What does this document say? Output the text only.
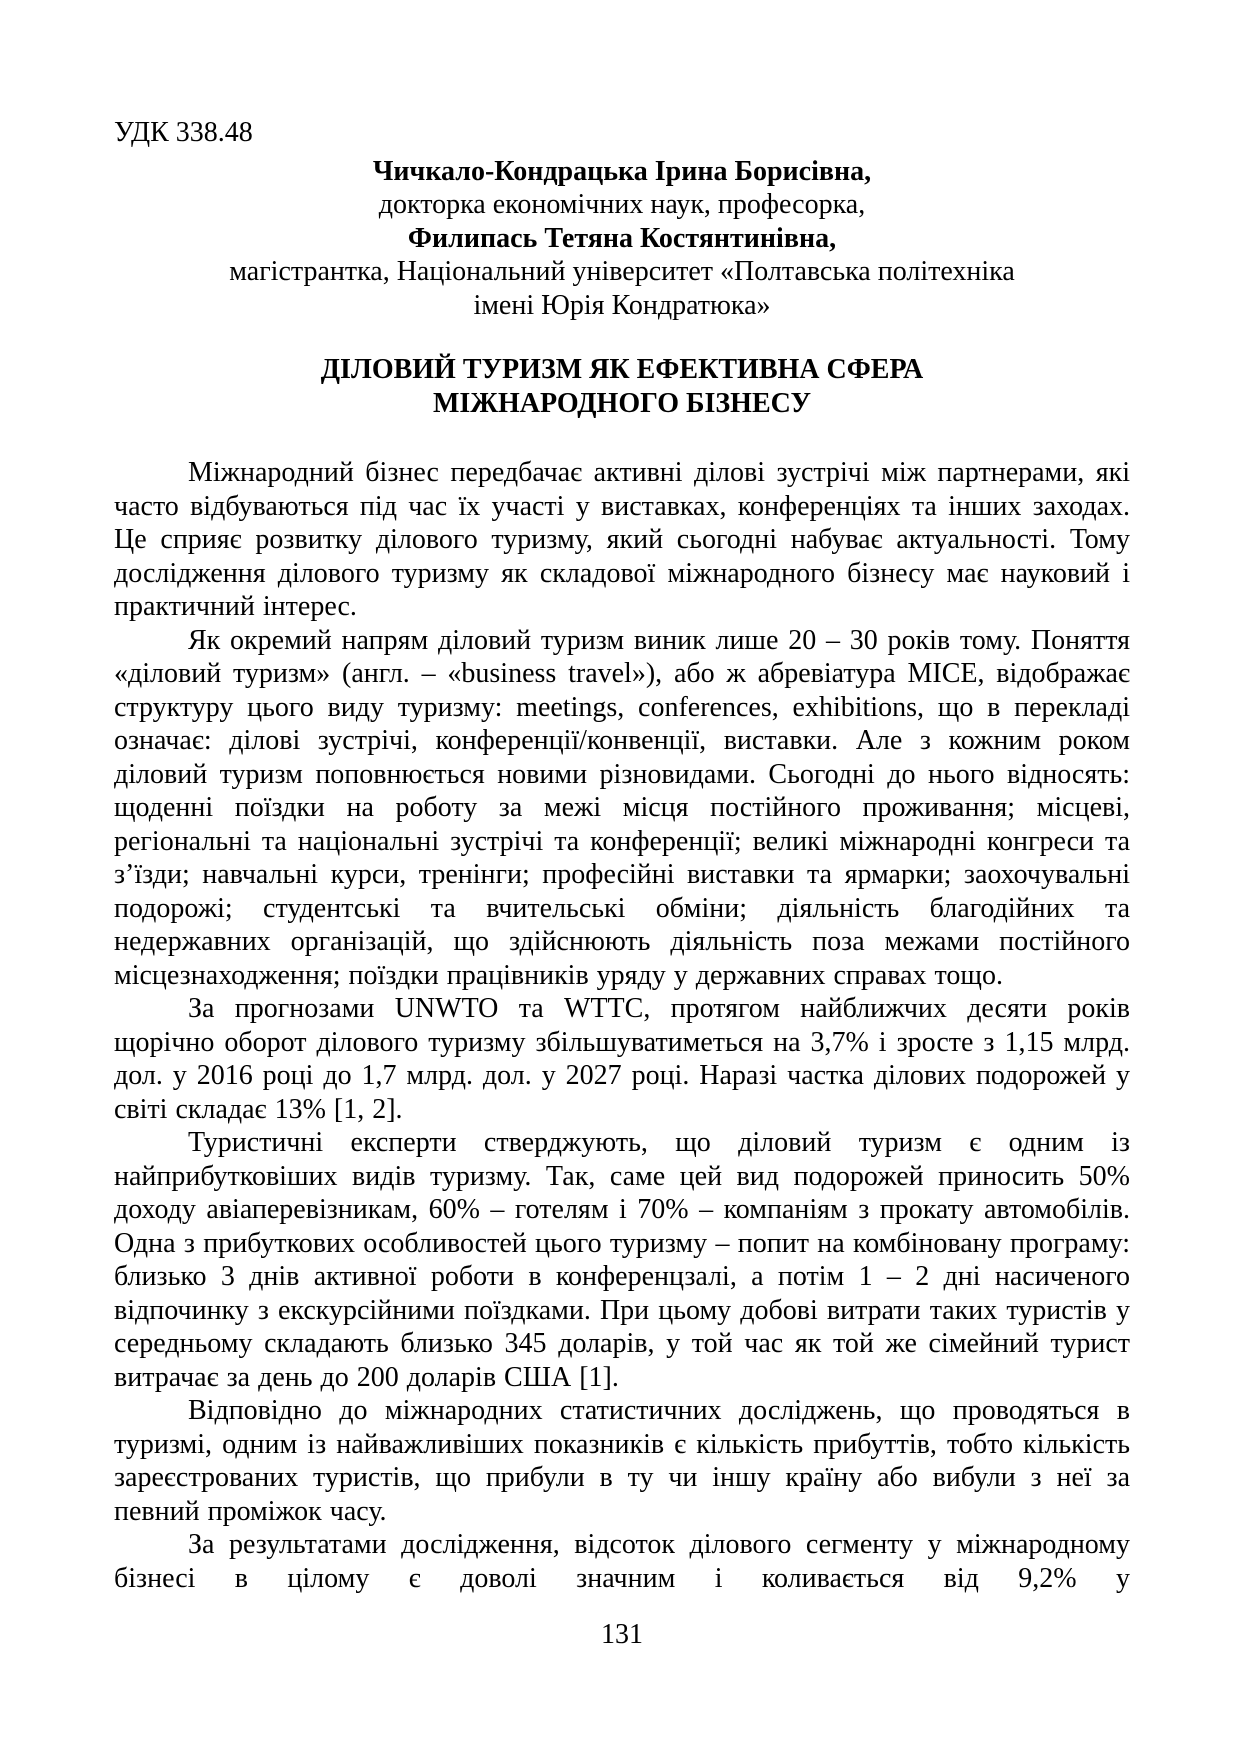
УДК 338.48
Чичкало-Кондрацька Ірина Борисівна,
докторка економічних наук, професорка,
Филипась Тетяна Костянтинівна,
магістрантка, Національний університет «Полтавська політехніка
імені Юрія Кондратюка»
ДІЛОВИЙ ТУРИЗМ ЯК ЕФЕКТИВНА СФЕРА
МІЖНАРОДНОГО БІЗНЕСУ

Міжнародний бізнес передбачає активні ділові зустрічі між партнерами, які часто відбуваються під час їх участі у виставках, конференціях та інших заходах. Це сприяє розвитку ділового туризму, який сьогодні набуває актуальності. Тому дослідження ділового туризму як складової міжнародного бізнесу має науковий і практичний інтерес.

Як окремий напрям діловий туризм виник лише 20 – 30 років тому. Поняття «діловий туризм» (англ. – «business travel»), або ж абревіатура MICE, відображає структуру цього виду туризму: meetings, conferences, exhibitions, що в перекладі означає: ділові зустрічі, конференції/конвенції, виставки. Але з кожним роком діловий туризм поповнюється новими різновидами. Сьогодні до нього відносять: щоденні поїздки на роботу за межі місця постійного проживання; місцеві, регіональні та національні зустрічі та конференції; великі міжнародні конгреси та з’їзди; навчальні курси, тренінги; професійні виставки та ярмарки; заохочувальні подорожі; студентські та вчительські обміни; діяльність благодійних та недержавних організацій, що здійснюють діяльність поза межами постійного місцезнаходження; поїздки працівників уряду у державних справах тощо.

За прогнозами UNWTO та WTTC, протягом найближчих десяти років щорічно оборот ділового туризму збільшуватиметься на 3,7% і зросте з 1,15 млрд. дол. у 2016 році до 1,7 млрд. дол. у 2027 році. Наразі частка ділових подорожей у світі складає 13% [1, 2].

Туристичні експерти стверджують, що діловий туризм є одним із найприбутковіших видів туризму. Так, саме цей вид подорожей приносить 50% доходу авіаперевізникам, 60% – готелям і 70% – компаніям з прокату автомобілів. Одна з прибуткових особливостей цього туризму – попит на комбіновану програму: близько 3 днів активної роботи в конференцзалі, а потім 1 – 2 дні насиченого відпочинку з екскурсійними поїздками. При цьому добові витрати таких туристів у середньому складають близько 345 доларів, у той час як той же сімейний турист витрачає за день до 200 доларів США [1].

Відповідно до міжнародних статистичних досліджень, що проводяться в туризмі, одним із найважливіших показників є кількість прибуттів, тобто кількість зареєстрованих туристів, що прибули в ту чи іншу країну або вибули з неї за певний проміжок часу.

За результатами дослідження, відсоток ділового сегменту у міжнародному бізнесі в цілому є доволі значним і коливається від 9,2% у

131
